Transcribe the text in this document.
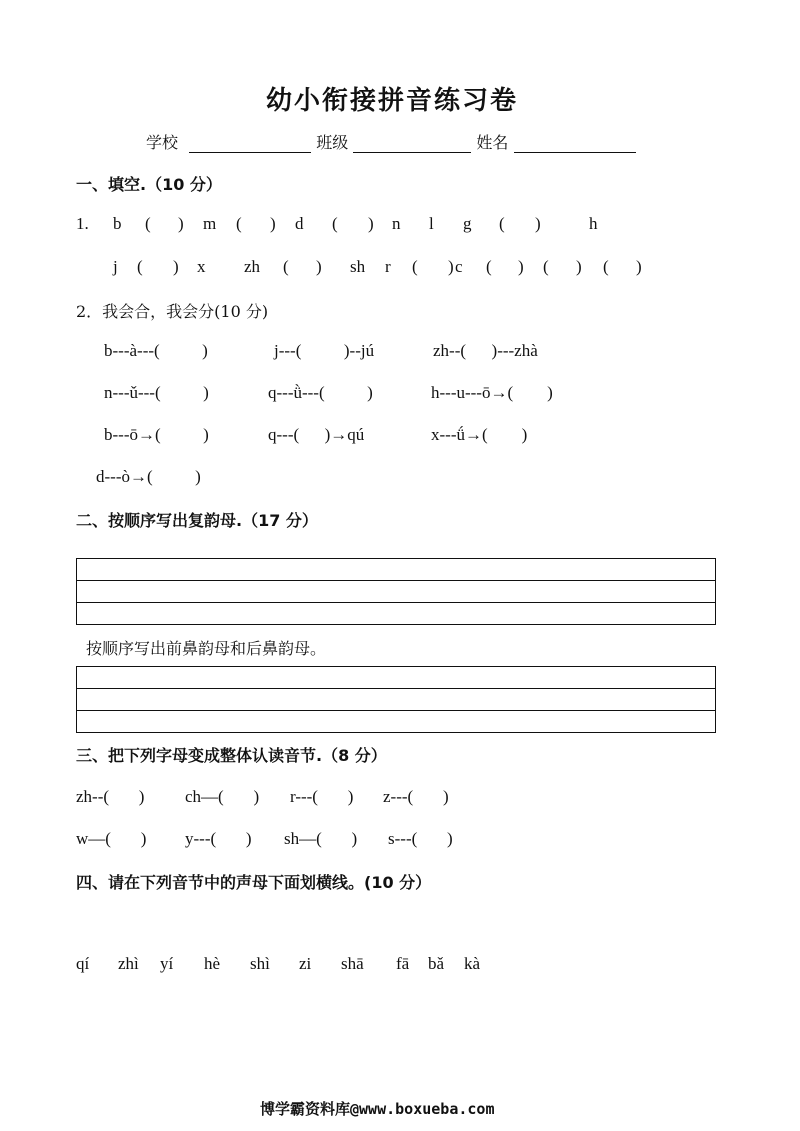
幼小衔接拼音练习卷
学校	班级	姓名
一、填空.（10 分）
1. b ( ) m ( ) d ( ) n l g ( )	h
j ( ) x zh ( ) sh r ( ) c ( ) ( ) ( )
2．我会合，我会分(10 分)
b---à---(          )	j---(          )--jú	zh--(      )---zhà
n---ǔ---(          )	q---ǜ---(          )	h---u---ō→(        )
b---ō→(          )	q---(      )→qú	x---ǘ→(        )
d---ò→(          )
二、按顺序写出复韵母.（17 分）
按顺序写出前鼻韵母和后鼻韵母。
三、把下列字母变成整体认读音节.（8 分）
zh--(       ) ch—(       ) r---(       ) z---(       )
w—(       ) y---(       ) sh—(       ) s---(       )
四、请在下列音节中的声母下面划横线。(10 分）
qí zhì yí hè shì zi shā fā bǎ kà
博学霸资料库@www.boxueba.com
